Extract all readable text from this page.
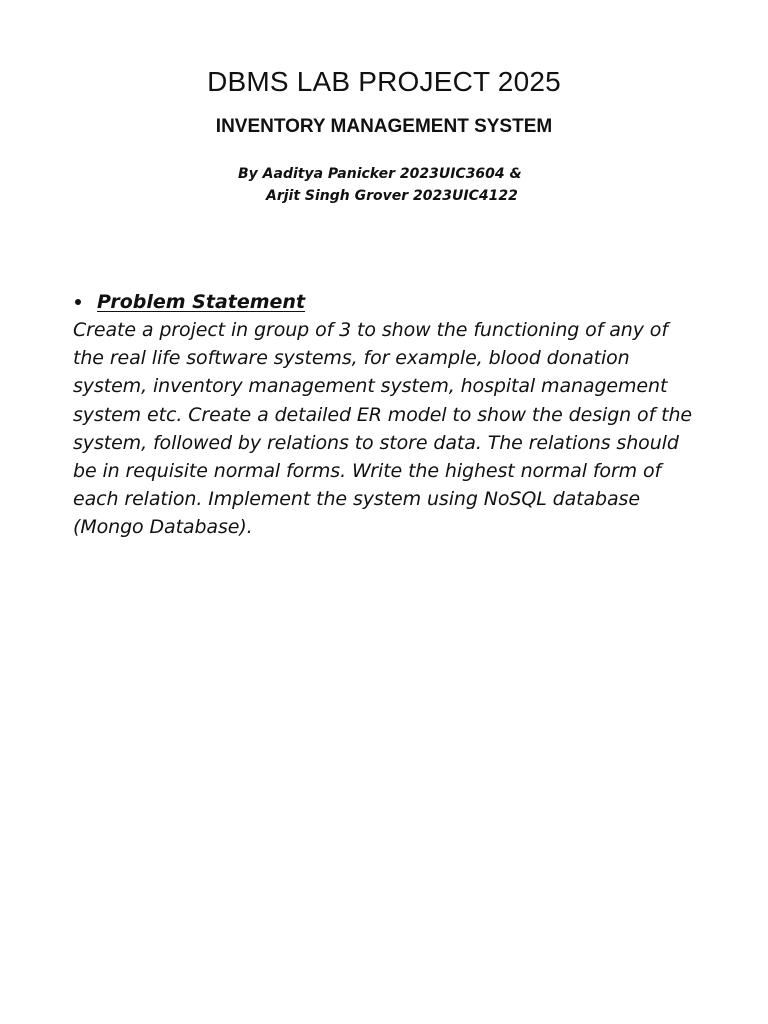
DBMS LAB PROJECT 2025
INVENTORY MANAGEMENT SYSTEM
By Aaditya Panicker 2023UIC3604 &
Arjit Singh Grover 2023UIC4122
Problem Statement

Create a project in group of 3 to show the functioning of any of the real life software systems, for example, blood donation system, inventory management system, hospital management system etc. Create a detailed ER model to show the design of the system, followed by relations to store data. The relations should be in requisite normal forms. Write the highest normal form of each relation. Implement the system using NoSQL database (Mongo Database).
